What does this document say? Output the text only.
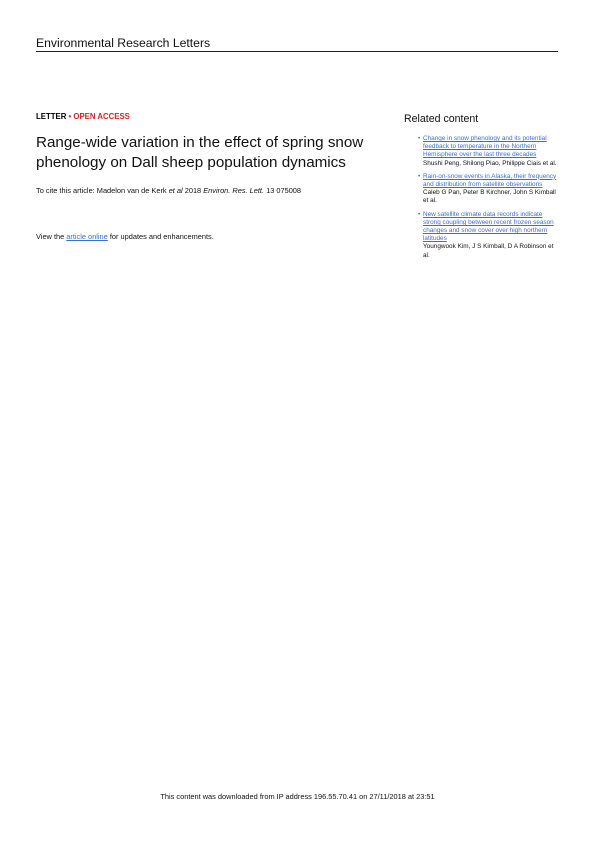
Environmental Research Letters
LETTER • OPEN ACCESS
Range-wide variation in the effect of spring snow phenology on Dall sheep population dynamics
To cite this article: Madelon van de Kerk et al 2018 Environ. Res. Lett. 13 075008
View the article online for updates and enhancements.
Related content
• Change in snow phenology and its potential feedback to temperature in the Northern Hemisphere over the last three decades
Shushi Peng, Shilong Piao, Philippe Ciais et al.
• Rain-on-snow events in Alaska, their frequency and distribution from satellite observations
Caleb G Pan, Peter B Kirchner, John S Kimball et al.
• New satellite climate data records indicate strong coupling between recent frozen season changes and snow cover over high northern latitudes
Youngwook Kim, J S Kimball, D A Robinson et al.
This content was downloaded from IP address 196.55.70.41 on 27/11/2018 at 23:51
